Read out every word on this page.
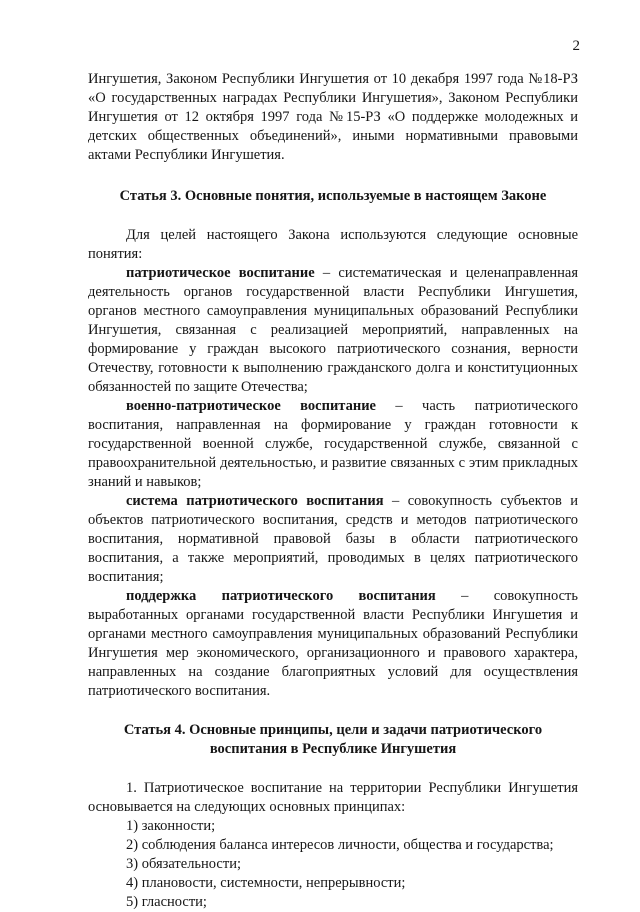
2

Ингушетия, Законом Республики Ингушетия от 10 декабря 1997 года №18-РЗ «О государственных наградах Республики Ингушетия», Законом Республики Ингушетия от 12 октября 1997 года №15-РЗ «О поддержке молодежных и детских общественных объединений», иными нормативными правовыми актами Республики Ингушетия.

Статья 3. Основные понятия, используемые в настоящем Законе

Для целей настоящего Закона используются следующие основные понятия:

патриотическое воспитание – систематическая и целенаправленная деятельность органов государственной власти Республики Ингушетия, органов местного самоуправления муниципальных образований Республики Ингушетия, связанная с реализацией мероприятий, направленных на формирование у граждан высокого патриотического сознания, верности Отечеству, готовности к выполнению гражданского долга и конституционных обязанностей по защите Отечества;

военно-патриотическое воспитание – часть патриотического воспитания, направленная на формирование у граждан готовности к государственной военной службе, государственной службе, связанной с правоохранительной деятельностью, и развитие связанных с этим прикладных знаний и навыков;

система патриотического воспитания – совокупность субъектов и объектов патриотического воспитания, средств и методов патриотического воспитания, нормативной правовой базы в области патриотического воспитания, а также мероприятий, проводимых в целях патриотического воспитания;

поддержка патриотического воспитания – совокупность выработанных органами государственной власти Республики Ингушетия и органами местного самоуправления муниципальных образований Республики Ингушетия мер экономического, организационного и правового характера, направленных на создание благоприятных условий для осуществления патриотического воспитания.

Статья 4. Основные принципы, цели и задачи патриотического
воспитания в Республике Ингушетия

1. Патриотическое воспитание на территории Республики Ингушетия основывается на следующих основных принципах:

1) законности;

2) соблюдения баланса интересов личности, общества и государства;

3) обязательности;

4) плановости, системности, непрерывности;

5) гласности;
